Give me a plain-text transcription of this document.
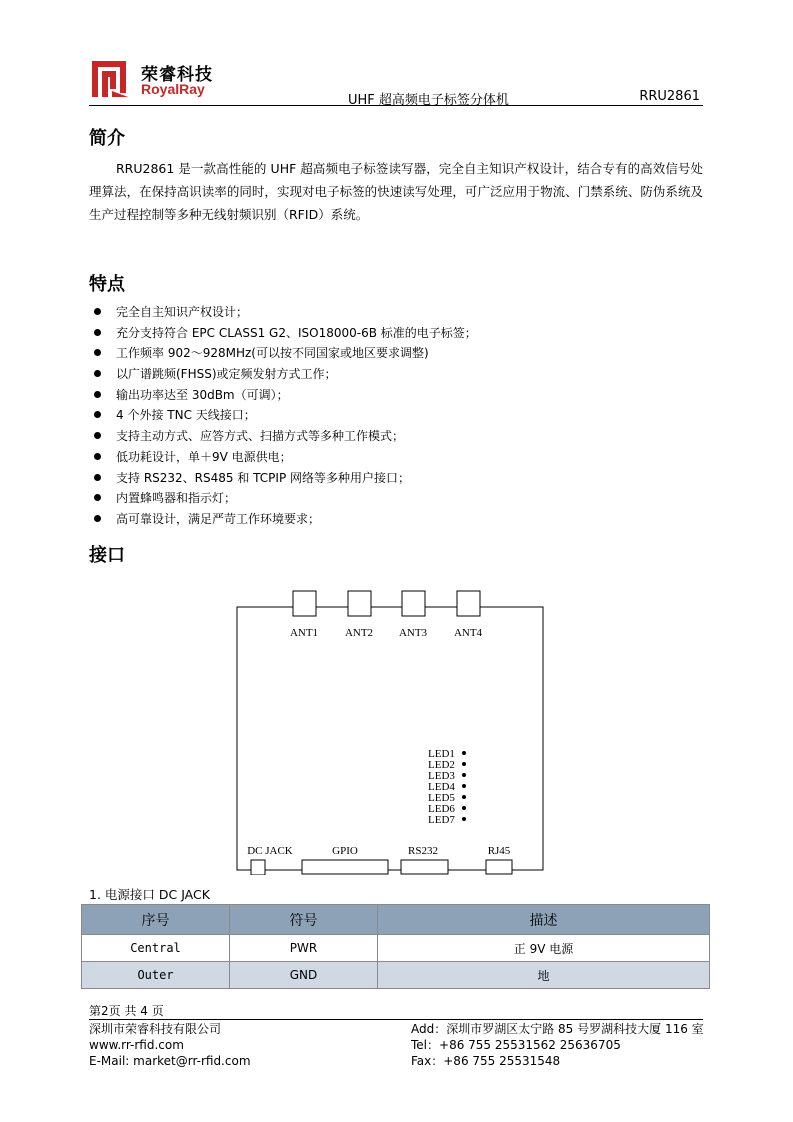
荣睿科技
RoyalRay
UHF 超高频电子标签分体机	RRU2861
简介
RRU2861 是一款高性能的 UHF 超高频电子标签读写器，完全自主知识产权设计，结合专有的高效信号处理算法，在保持高识读率的同时，实现对电子标签的快速读写处理，可广泛应用于物流、门禁系统、防伪系统及生产过程控制等多种无线射频识别（RFID）系统。
特点
完全自主知识产权设计；
充分支持符合 EPC CLASS1 G2、ISO18000-6B 标准的电子标签；
工作频率 902～928MHz(可以按不同国家或地区要求调整)
以广谱跳频(FHSS)或定频发射方式工作；
输出功率达至 30dBm（可调）；
4 个外接 TNC 天线接口；
支持主动方式、应答方式、扫描方式等多种工作模式；
低功耗设计，单＋9V 电源供电；
支持 RS232、RS485 和 TCPIP 网络等多种用户接口；
内置蜂鸣器和指示灯；
高可靠设计，满足严苛工作环境要求；
接口
ANT1 ANT2 ANT3 ANT4
LED1
LED2
LED3
LED4
LED5
LED6
LED7
DC JACK	GPIO	RS232	RJ45
1. 电源接口 DC JACK
序号	符号	描述
Central	PWR	正 9V 电源
Outer	GND	地
第2页 共 4 页
深圳市荣睿科技有限公司
www.rr-rfid.com
E-Mail: market@rr-rfid.com
Add：深圳市罗湖区太宁路 85 号罗湖科技大厦 116 室
Tel：+86 755 25531562 25636705
Fax：+86 755 25531548
